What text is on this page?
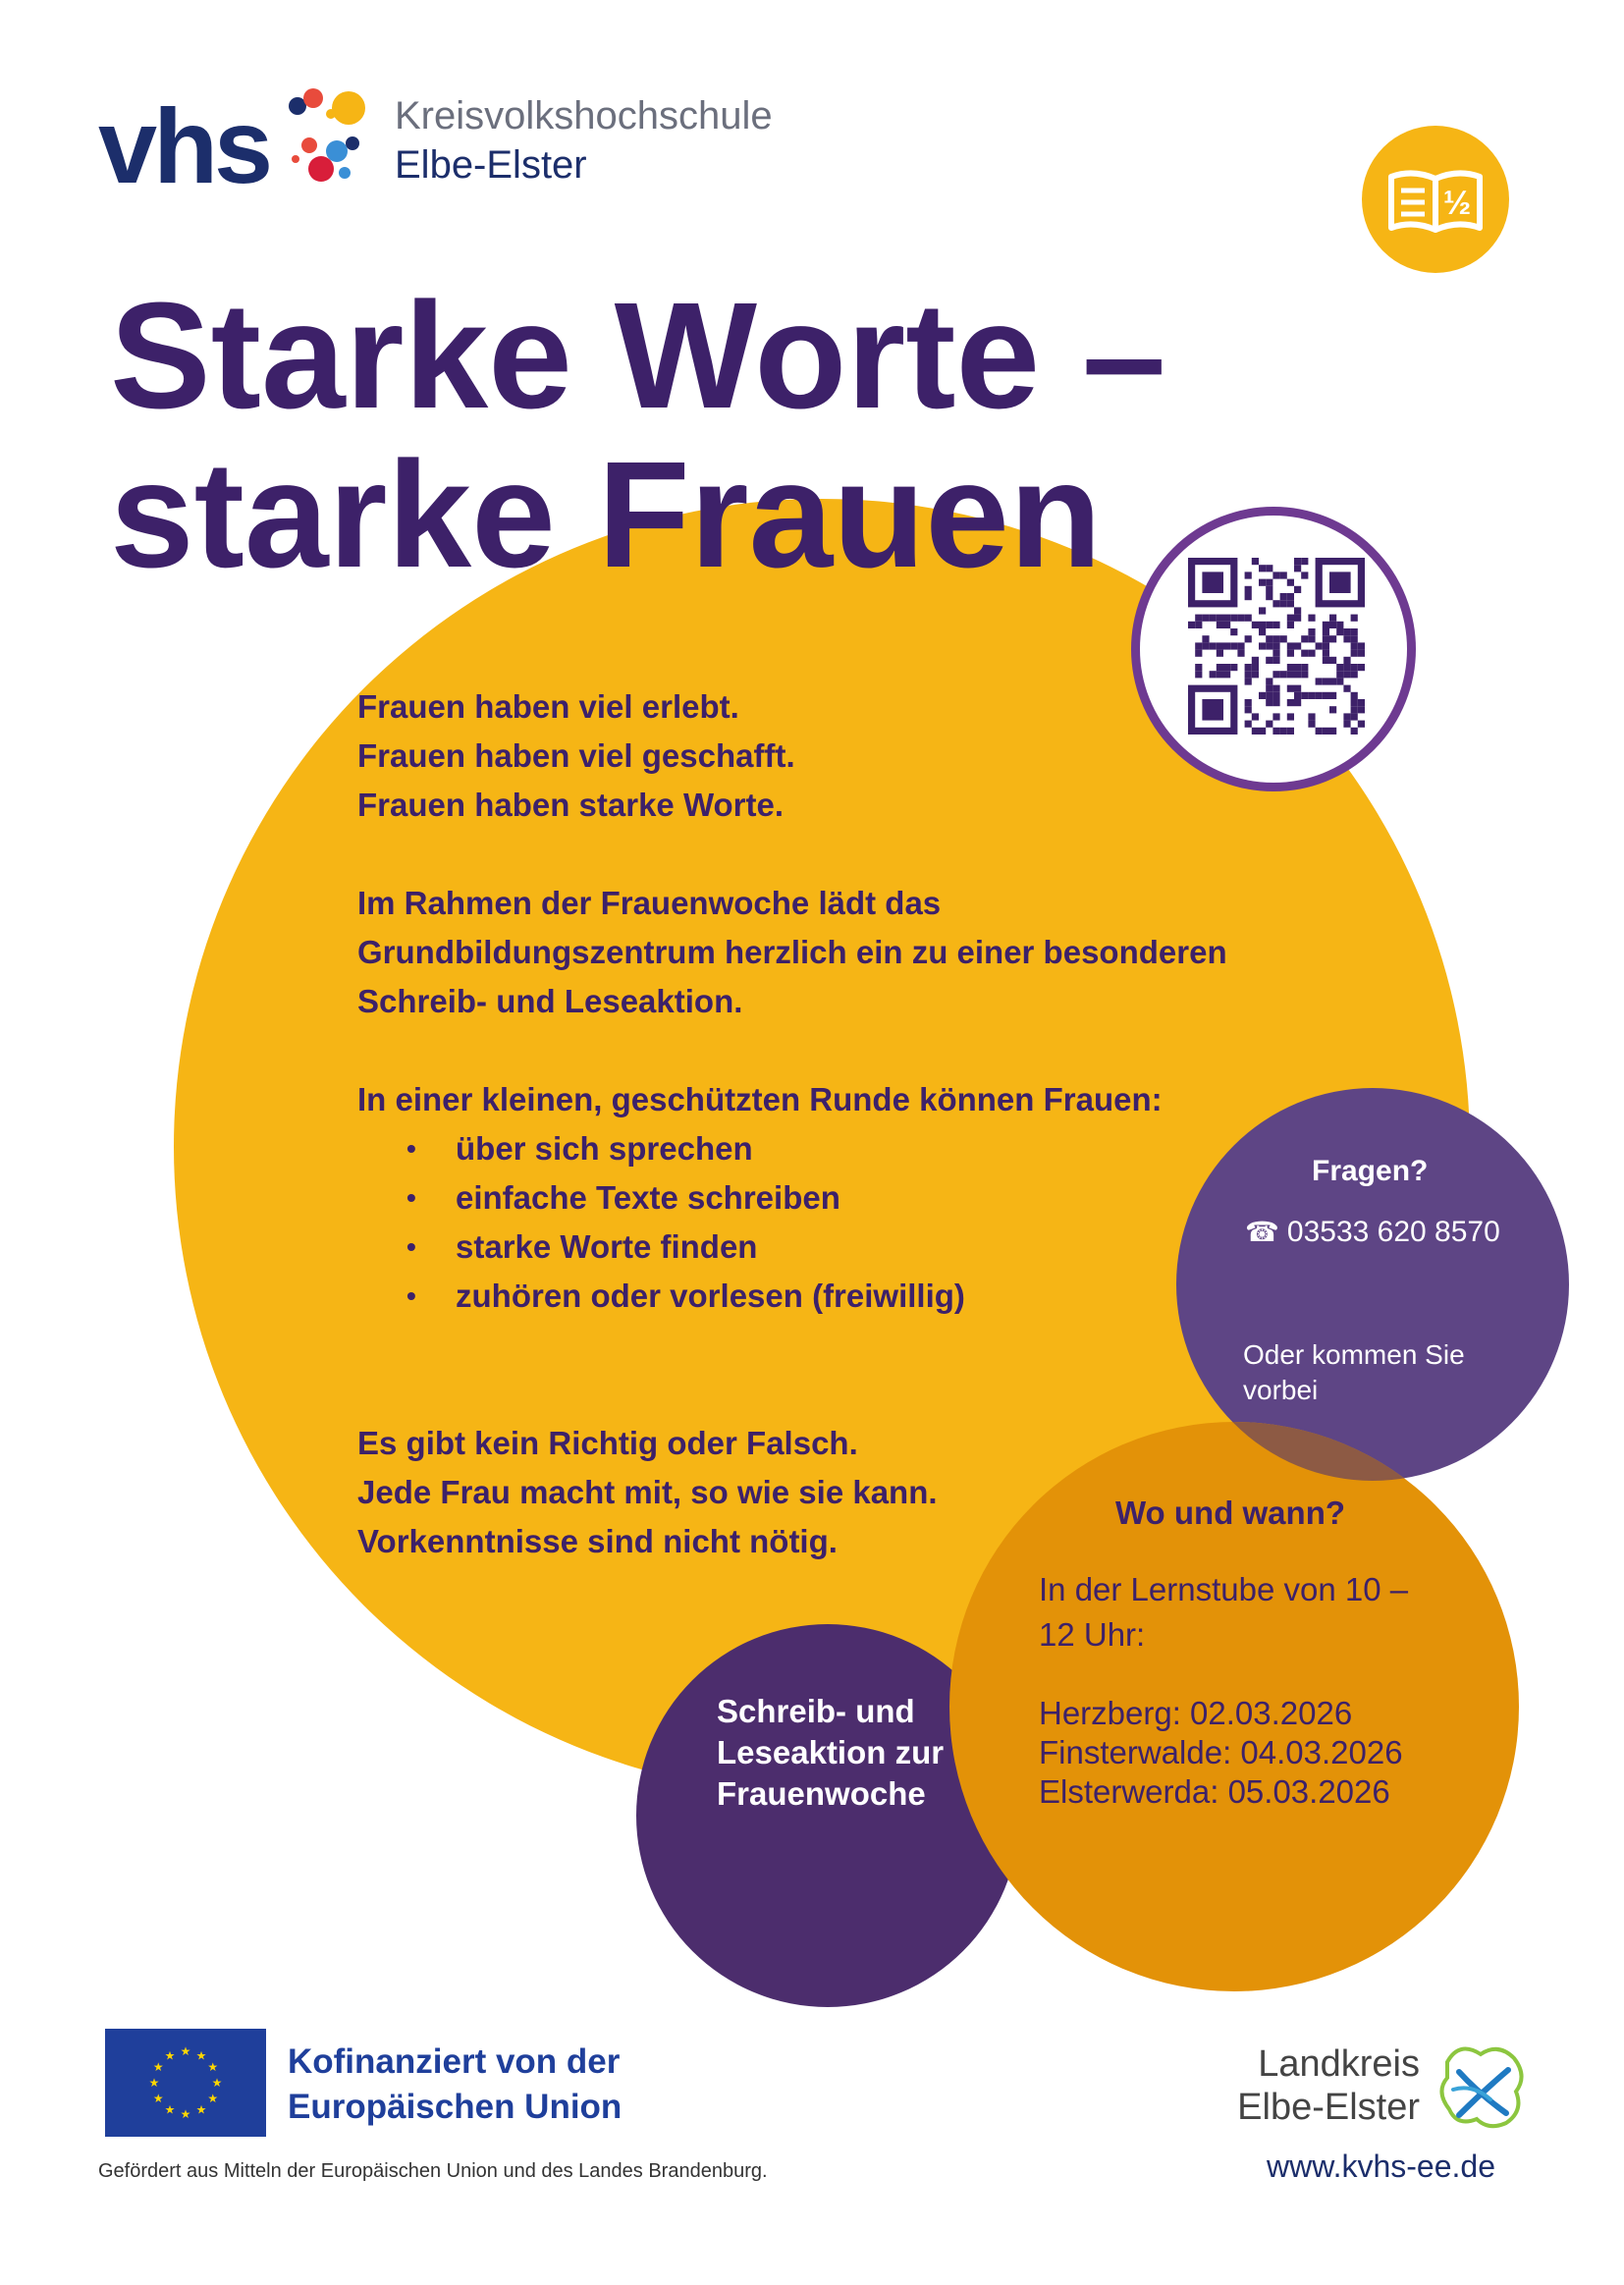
vhs	Kreisvolkshochschule
Elbe-Elster
½
Starke Worte –
starke Frauen

Frauen haben viel erlebt.

Frauen haben viel geschafft.

Frauen haben starke Worte.

Im Rahmen der Frauenwoche lädt das

Grundbildungszentrum herzlich ein zu einer besonderen

Schreib- und Leseaktion.

In einer kleinen, geschützten Runde können Frauen:

• über sich sprechen
• einfache Texte schreiben
• starke Worte finden
• zuhören oder vorlesen (freiwillig)

Es gibt kein Richtig oder Falsch.

Jede Frau macht mit, so wie sie kann.

Vorkenntnisse sind nicht nötig.

Fragen?
☎ 03533 620 8570
Oder kommen Sie vorbei
Wo und wann?
In der Lernstube von 10 – 12 Uhr:
Herzberg: 02.03.2026
Finsterwalde: 04.03.2026
Elsterwerda: 05.03.2026
Schreib- und Leseaktion zur Frauenwoche
★ ★
★
★
★
★
★
★
★
★
★
★	Kofinanziert von der
Europäischen Union
Gefördert aus Mitteln der Europäischen Union und des Landes Brandenburg.
Landkreis
Elbe-Elster
www.kvhs-ee.de
